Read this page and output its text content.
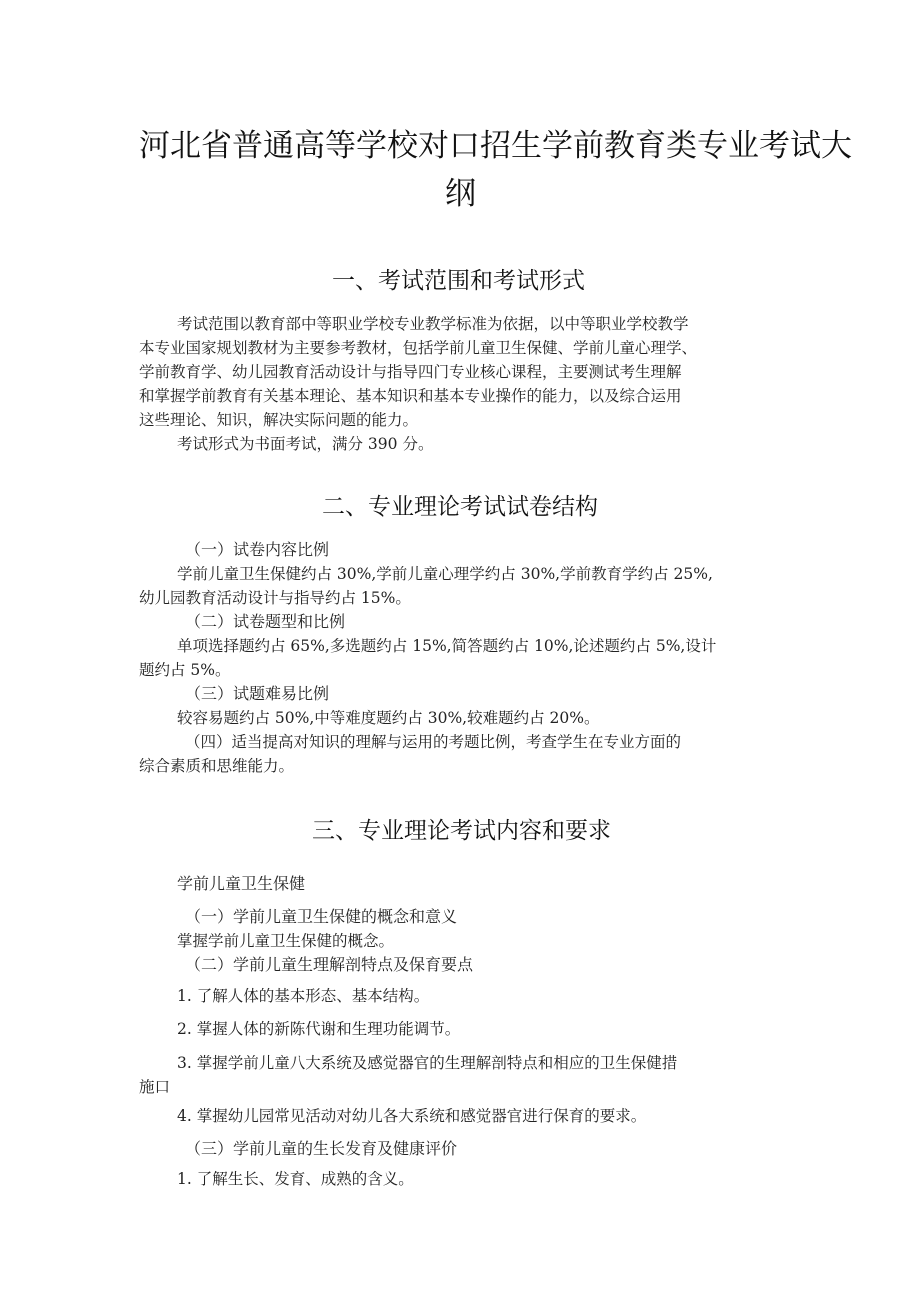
河北省普通高等学校对口招生学前教育类专业考试大
纲
一、考试范围和考试形式
考试范围以教育部中等职业学校专业教学标准为依据，以中等职业学校教学
本专业国家规划教材为主要参考教材，包括学前儿童卫生保健、学前儿童心理学、
学前教育学、幼儿园教育活动设计与指导四门专业核心课程，主要测试考生理解
和掌握学前教育有关基本理论、基本知识和基本专业操作的能力，以及综合运用
这些理论、知识，解决实际问题的能力。
考试形式为书面考试，满分 390 分。
二、专业理论考试试卷结构
（一）试卷内容比例
学前儿童卫生保健约占 30%,学前儿童心理学约占 30%,学前教育学约占 25%,
幼儿园教育活动设计与指导约占 15%。
（二）试卷题型和比例
单项选择题约占 65%,多选题约占 15%,简答题约占 10%,论述题约占 5%,设计
题约占 5%。
（三）试题难易比例
较容易题约占 50%,中等难度题约占 30%,较难题约占 20%。
（四）适当提高对知识的理解与运用的考题比例，考查学生在专业方面的
综合素质和思维能力。
三、专业理论考试内容和要求
学前儿童卫生保健
（一）学前儿童卫生保健的概念和意义
掌握学前儿童卫生保健的概念。
（二）学前儿童生理解剖特点及保育要点
1. 了解人体的基本形态、基本结构。
2. 掌握人体的新陈代谢和生理功能调节。
3. 掌握学前儿童八大系统及感觉器官的生理解剖特点和相应的卫生保健措
施口
4. 掌握幼儿园常见活动对幼儿各大系统和感觉器官进行保育的要求。
（三）学前儿童的生长发育及健康评价
1. 了解生长、发育、成熟的含义。
